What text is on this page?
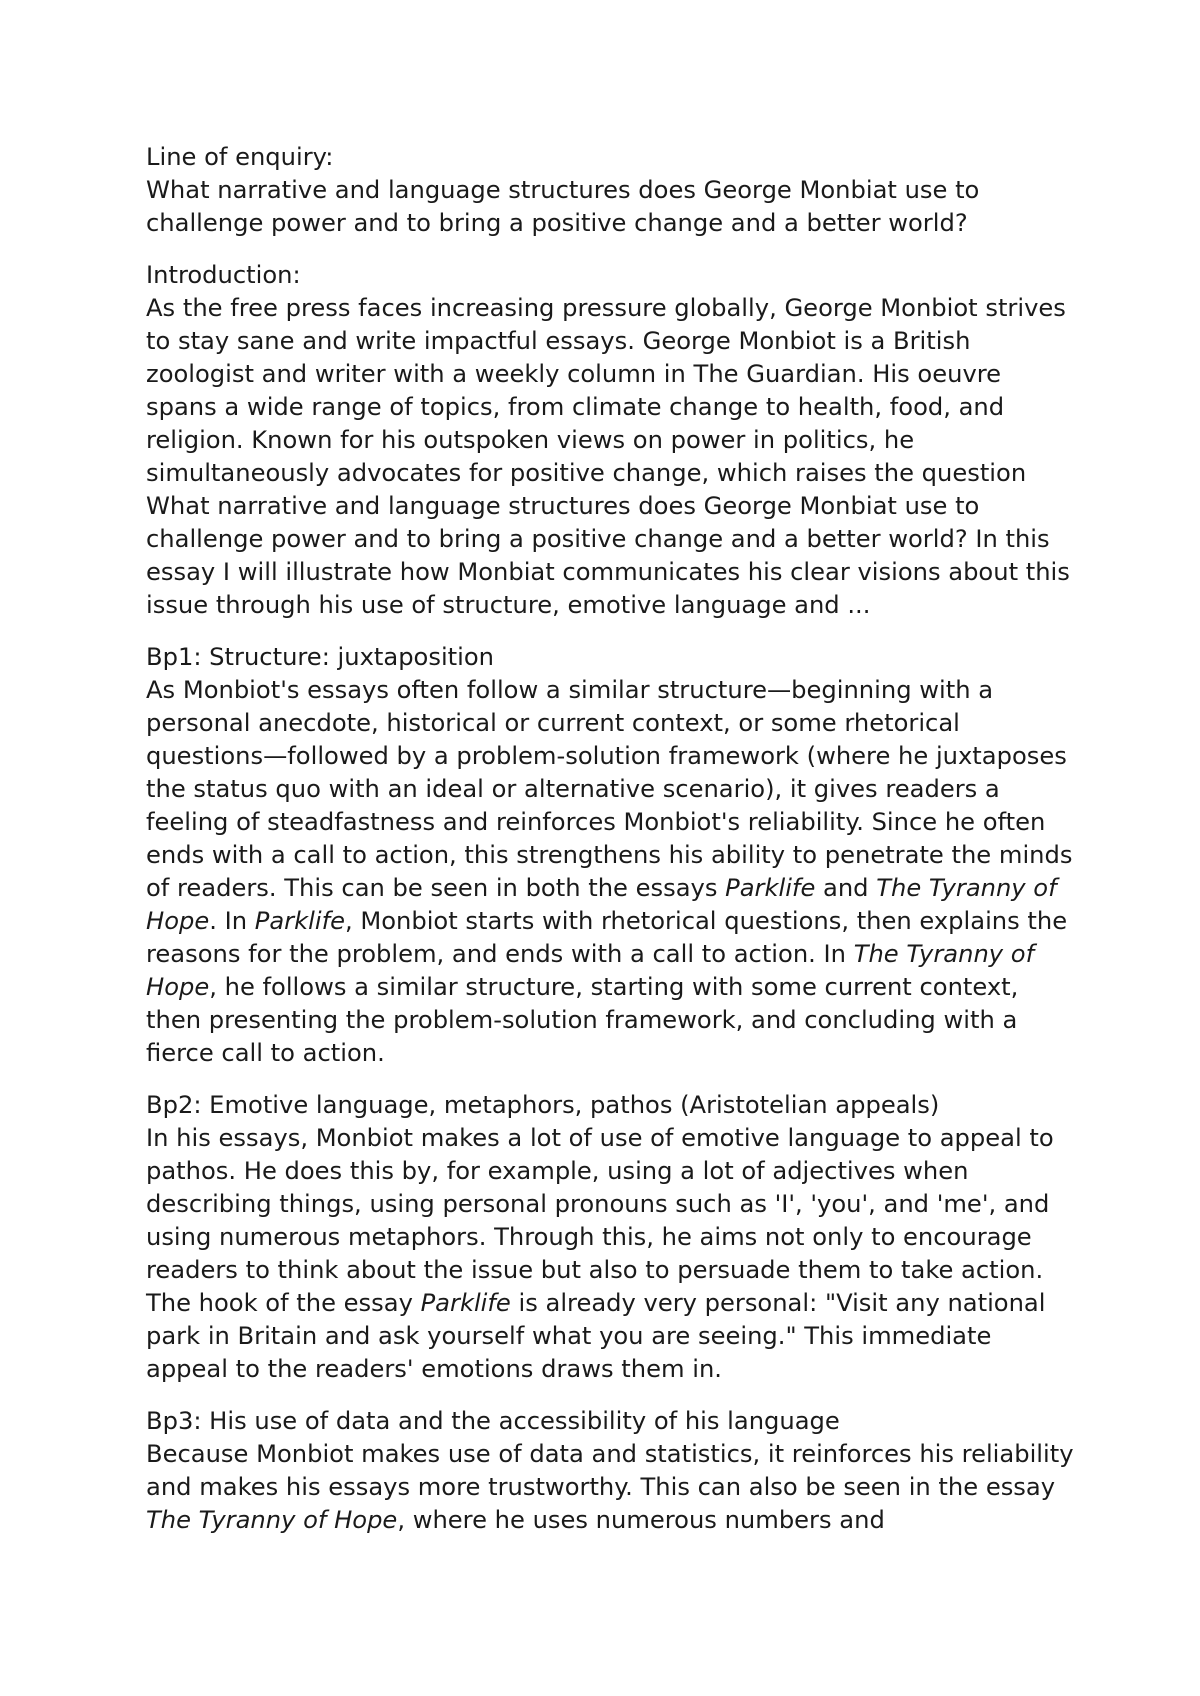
Line of enquiry:
What narrative and language structures does George Monbiat use to challenge power and to bring a positive change and a better world?
Introduction:
As the free press faces increasing pressure globally, George Monbiot strives to stay sane and write impactful essays. George Monbiot is a British zoologist and writer with a weekly column in The Guardian. His oeuvre spans a wide range of topics, from climate change to health, food, and religion. Known for his outspoken views on power in politics, he simultaneously advocates for positive change, which raises the question What narrative and language structures does George Monbiat use to challenge power and to bring a positive change and a better world? In this essay I will illustrate how Monbiat communicates his clear visions about this issue through his use of structure, emotive language and ...
Bp1: Structure: juxtaposition
As Monbiot's essays often follow a similar structure—beginning with a personal anecdote, historical or current context, or some rhetorical questions—followed by a problem-solution framework (where he juxtaposes the status quo with an ideal or alternative scenario), it gives readers a feeling of steadfastness and reinforces Monbiot's reliability. Since he often ends with a call to action, this strengthens his ability to penetrate the minds of readers. This can be seen in both the essays Parklife and The Tyranny of Hope. In Parklife, Monbiot starts with rhetorical questions, then explains the reasons for the problem, and ends with a call to action. In The Tyranny of Hope, he follows a similar structure, starting with some current context, then presenting the problem-solution framework, and concluding with a fierce call to action.
Bp2: Emotive language, metaphors, pathos (Aristotelian appeals)
In his essays, Monbiot makes a lot of use of emotive language to appeal to pathos. He does this by, for example, using a lot of adjectives when describing things, using personal pronouns such as 'I', 'you', and 'me', and using numerous metaphors. Through this, he aims not only to encourage readers to think about the issue but also to persuade them to take action. The hook of the essay Parklife is already very personal: "Visit any national park in Britain and ask yourself what you are seeing." This immediate appeal to the readers' emotions draws them in.
Bp3: His use of data and the accessibility of his language
Because Monbiot makes use of data and statistics, it reinforces his reliability and makes his essays more trustworthy. This can also be seen in the essay The Tyranny of Hope, where he uses numerous numbers and
